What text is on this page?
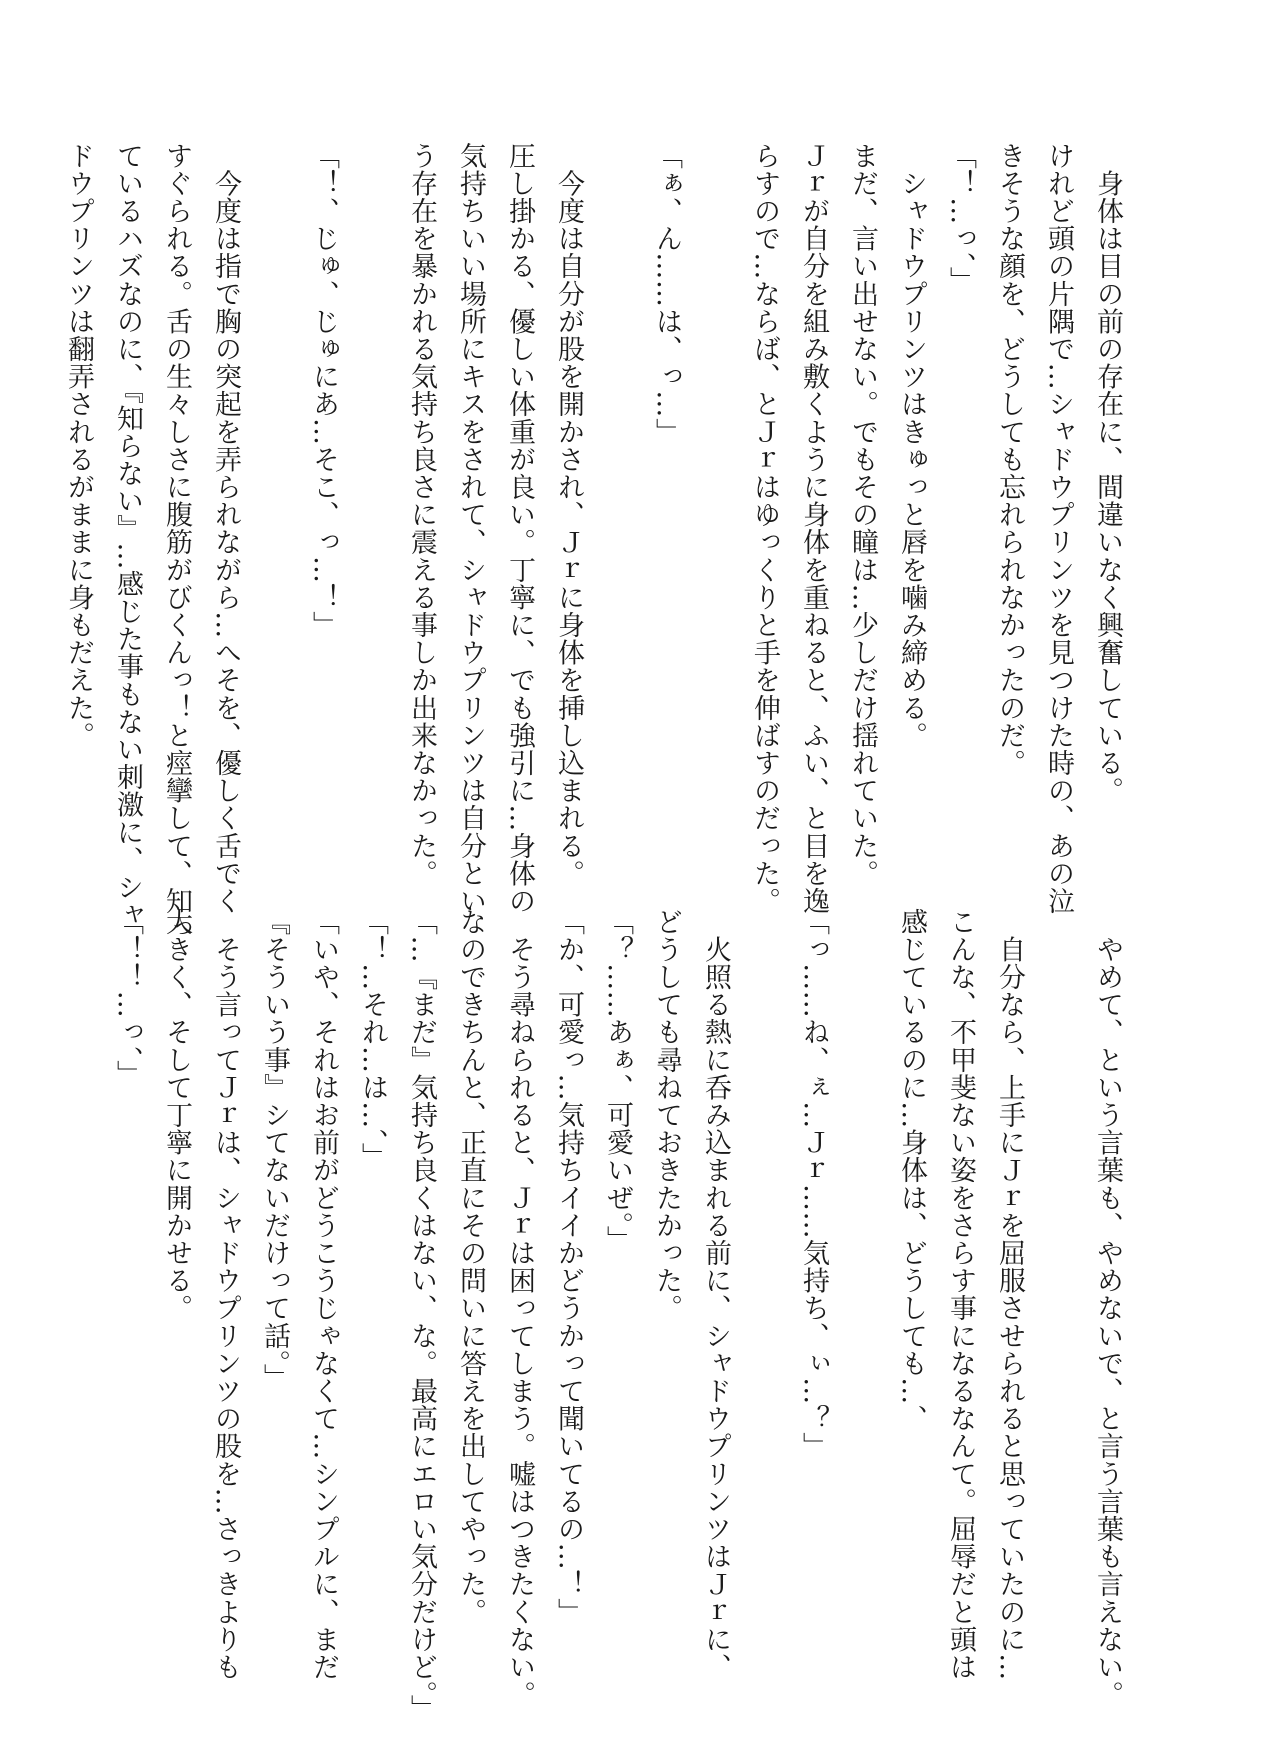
　身体は目の前の存在に、間違いなく興奮している。

けれど頭の片隅で…シャドウプリンツを見つけた時の、あの泣

きそうな顔を、どうしても忘れられなかったのだ。

「！…っ、」

　シャドウプリンツはきゅっと唇を噛み締める。

まだ、言い出せない。でもその瞳は…少しだけ揺れていた。

Ｊｒが自分を組み敷くように身体を重ねると、ふい、と目を逸

らすので…ならば、とＪｒはゆっくりと手を伸ばすのだった。

「ぁ、ん……は、っ…」

　今度は自分が股を開かされ、Ｊｒに身体を挿し込まれる。

圧し掛かる、優しい体重が良い。丁寧に、でも強引に…身体の

気持ちいい場所にキスをされて、シャドウプリンツは自分とい

う存在を暴かれる気持ち良さに震える事しか出来なかった。

「！、じゅ、じゅにあ…そこ、っ…！」

　今度は指で胸の突起を弄られながら…へそを、優しく舌でく

すぐられる。舌の生々しさに腹筋がびくんっ！と痙攣して、知っ

ているハズなのに、『知らない』…感じた事もない刺激に、シャ

ドウプリンツは翻弄されるがままに身もだえた。

　やめて、という言葉も、やめないで、と言う言葉も言えない。

　自分なら、上手にＪｒを屈服させられると思っていたのに…

こんな、不甲斐ない姿をさらす事になるなんて。屈辱だと頭は

感じているのに…身体は、どうしても…、

「っ……ね、ぇ…Ｊｒ……気持ち、ぃ…？」

　火照る熱に呑み込まれる前に、シャドウプリンツはＪｒに、

どうしても尋ねておきたかった。

「？……あぁ、可愛いぜ。」

「か、可愛っ…気持ちイイかどうかって聞いてるの…！」

　そう尋ねられると、Ｊｒは困ってしまう。嘘はつきたくない。

なのできちんと、正直にその問いに答えを出してやった。

「…『まだ』気持ち良くはない、な。最高にエロい気分だけど。」

「！…それ…は…、」

「いや、それはお前がどうこうじゃなくて…シンプルに、まだ

『そういう事』シてないだけって話。」

　そう言ってＪｒは、シャドウプリンツの股を…さっきよりも

大きく、そして丁寧に開かせる。

「！！…っ、」
